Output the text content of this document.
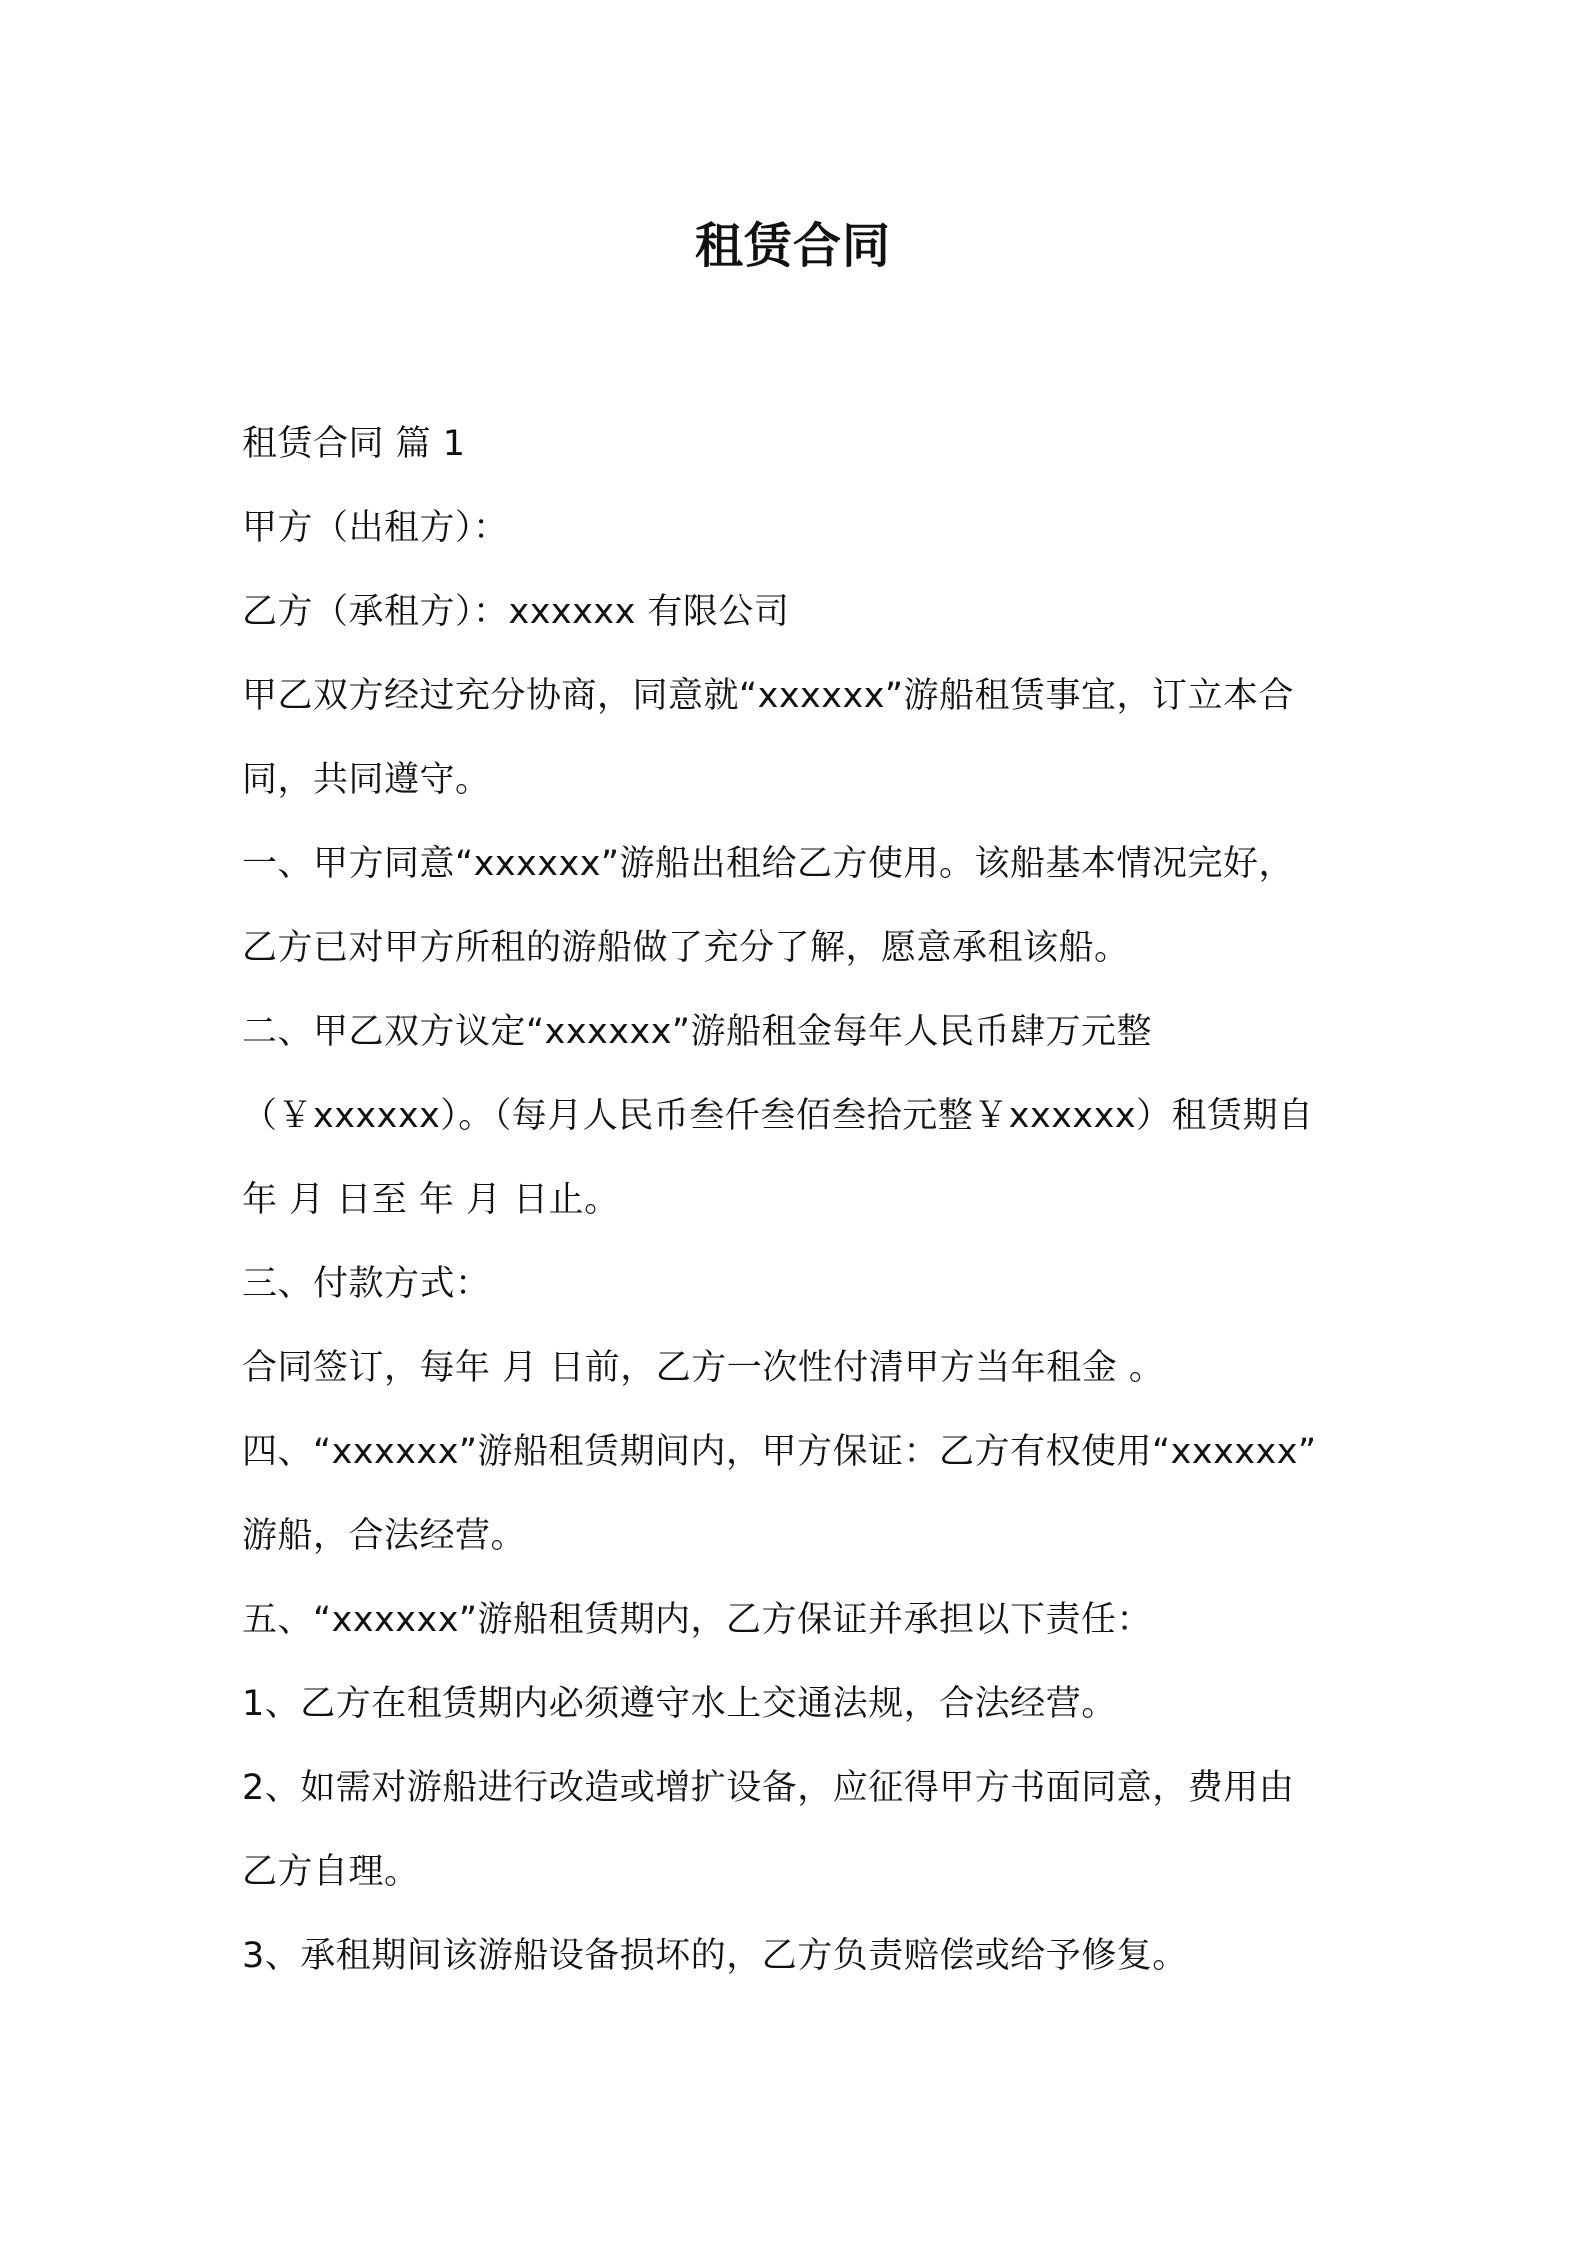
租赁合同

租赁合同 篇 1

甲方（出租方）：

乙方（承租方）：xxxxxx 有限公司

甲乙双方经过充分协商，同意就“xxxxxx”游船租赁事宜，订立本合

同，共同遵守。

一、甲方同意“xxxxxx”游船出租给乙方使用。该船基本情况完好，

乙方已对甲方所租的游船做了充分了解，愿意承租该船。

二、甲乙双方议定“xxxxxx”游船租金每年人民币肆万元整

（￥xxxxxx）。（每月人民币叁仟叁佰叁拾元整￥xxxxxx）租赁期自

年 月 日至 年 月 日止。

三、付款方式：

合同签订，每年 月 日前，乙方一次性付清甲方当年租金 。

四、“xxxxxx”游船租赁期间内，甲方保证：乙方有权使用“xxxxxx”

游船，合法经营。

五、“xxxxxx”游船租赁期内，乙方保证并承担以下责任：

1、乙方在租赁期内必须遵守水上交通法规，合法经营。

2、如需对游船进行改造或增扩设备，应征得甲方书面同意，费用由

乙方自理。

3、承租期间该游船设备损坏的，乙方负责赔偿或给予修复。
